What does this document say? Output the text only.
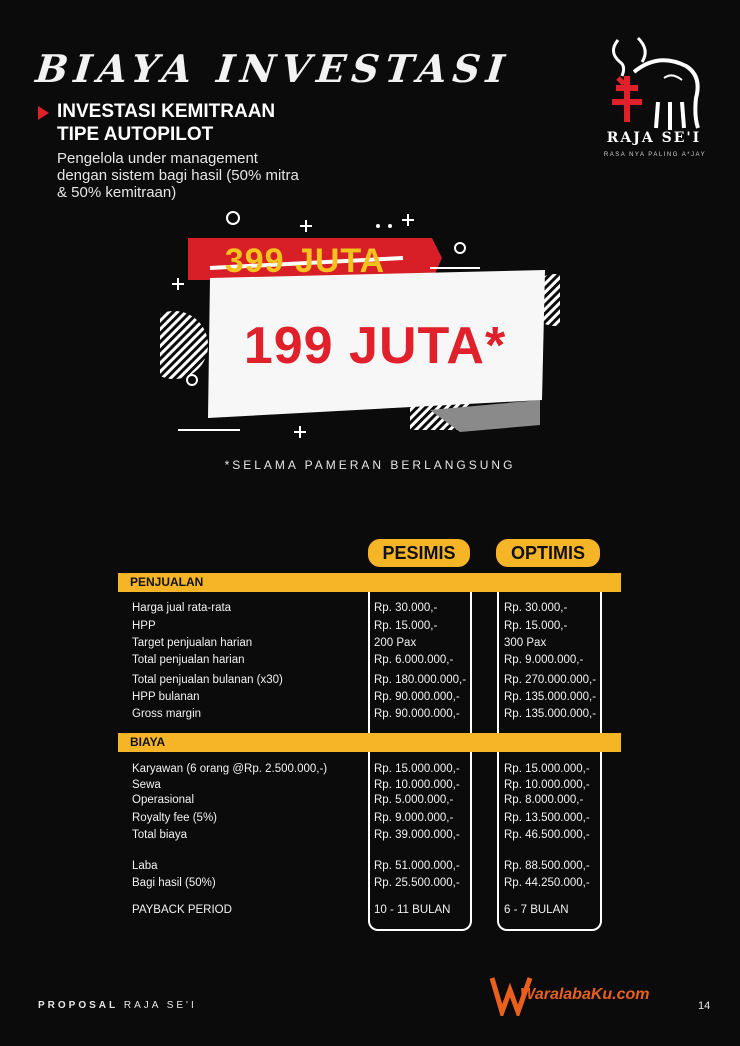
BIAYA INVESTASI
INVESTASI KEMITRAAN
TIPE AUTOPILOT
Pengelola under management dengan sistem bagi hasil (50% mitra & 50% kemitraan)
RAJA SE'I
RASA NYA PALING A*JAY
399 JUTA
199 JUTA*
*SELAMA PAMERAN BERLANGSUNG
PESIMIS	OPTIMIS
PENJUALAN
BIAYA
Harga jual rata-rata	Rp. 30.000,-	Rp. 30.000,-
HPP	Rp. 15.000,-	Rp. 15.000,-
Target penjualan harian	200 Pax	300 Pax
Total penjualan harian	Rp. 6.000.000,-	Rp. 9.000.000,-
Total penjualan bulanan (x30)	Rp. 180.000.000,-	Rp. 270.000.000,-
HPP bulanan	Rp. 90.000.000,-	Rp. 135.000.000,-
Gross margin	Rp. 90.000.000,-	Rp. 135.000.000,-
Karyawan (6 orang @Rp. 2.500.000,-)	Rp. 15.000.000,-	Rp. 15.000.000,-
Sewa	Rp. 10.000.000,-	Rp. 10.000.000,-
Operasional	Rp. 5.000.000,-	Rp. 8.000.000,-
Royalty fee (5%)	Rp. 9.000.000,-	Rp. 13.500.000,-
Total biaya	Rp. 39.000.000,-	Rp. 46.500.000,-
Laba	Rp. 51.000.000,-	Rp. 88.500.000,-
Bagi hasil (50%)	Rp. 25.500.000,-	Rp. 44.250.000,-
PAYBACK PERIOD	10 - 11 BULAN	6 - 7 BULAN
PROPOSAL RAJA SE'I
WaralabaKu.com
14
